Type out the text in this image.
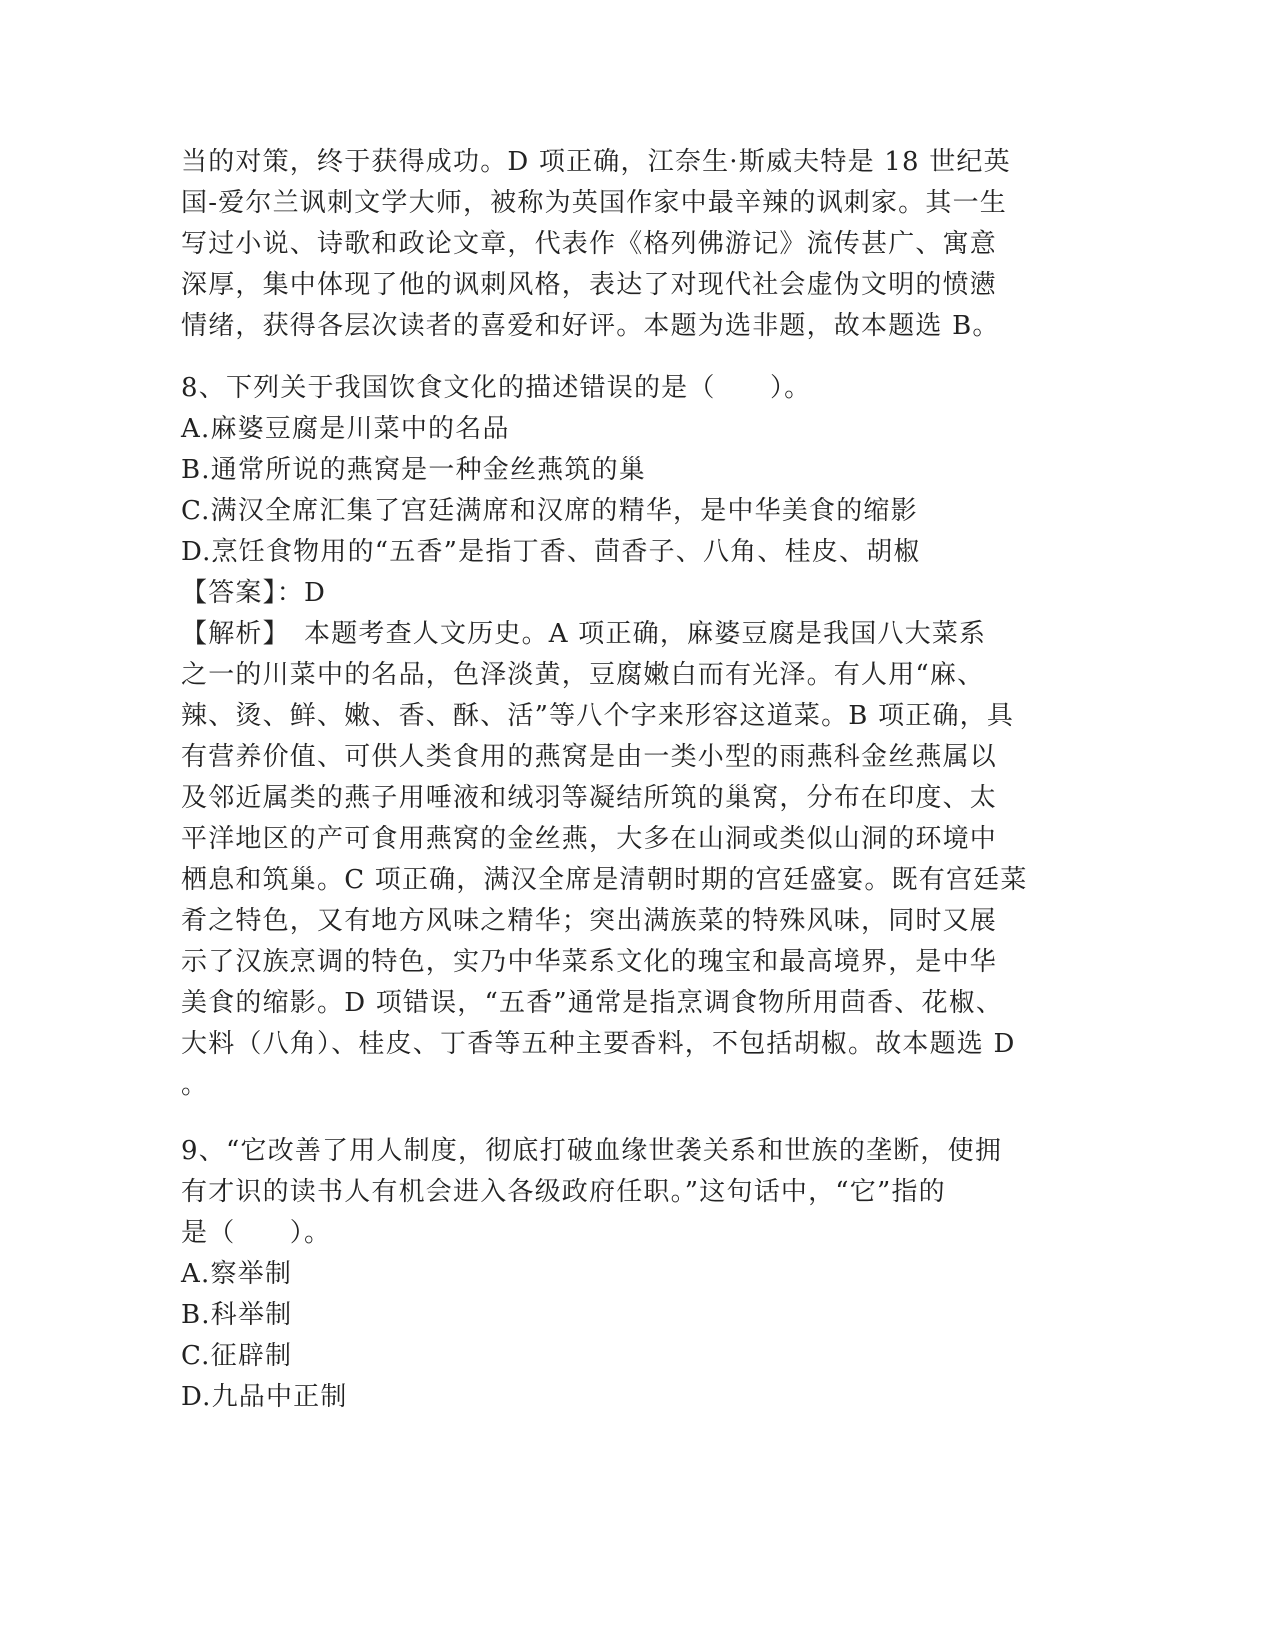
当的对策，终于获得成功。D 项正确，江奈生·斯威夫特是 18 世纪英
国-爱尔兰讽刺文学大师，被称为英国作家中最辛辣的讽刺家。其一生
写过小说、诗歌和政论文章，代表作《格列佛游记》流传甚广、寓意
深厚，集中体现了他的讽刺风格，表达了对现代社会虚伪文明的愤懑
情绪，获得各层次读者的喜爱和好评。本题为选非题，故本题选 B。
8、下列关于我国饮食文化的描述错误的是（　　）。
A.麻婆豆腐是川菜中的名品
B.通常所说的燕窝是一种金丝燕筑的巢
C.满汉全席汇集了宫廷满席和汉席的精华，是中华美食的缩影
D.烹饪食物用的“五香”是指丁香、茴香子、八角、桂皮、胡椒
【答案】：D
【解析】　本题考查人文历史。A 项正确，麻婆豆腐是我国八大菜系
之一的川菜中的名品，色泽淡黄，豆腐嫩白而有光泽。有人用“麻、
辣、烫、鲜、嫩、香、酥、活”等八个字来形容这道菜。B 项正确，具
有营养价值、可供人类食用的燕窝是由一类小型的雨燕科金丝燕属以
及邻近属类的燕子用唾液和绒羽等凝结所筑的巢窝，分布在印度、太
平洋地区的产可食用燕窝的金丝燕，大多在山洞或类似山洞的环境中
栖息和筑巢。C 项正确，满汉全席是清朝时期的宫廷盛宴。既有宫廷菜
肴之特色，又有地方风味之精华；突出满族菜的特殊风味，同时又展
示了汉族烹调的特色，实乃中华菜系文化的瑰宝和最高境界，是中华
美食的缩影。D 项错误，“五香”通常是指烹调食物所用茴香、花椒、
大料（八角）、桂皮、丁香等五种主要香料，不包括胡椒。故本题选 D
。
9、“它改善了用人制度，彻底打破血缘世袭关系和世族的垄断，使拥
有才识的读书人有机会进入各级政府任职。”这句话中，“它”指的
是（　　）。
A.察举制
B.科举制
C.征辟制
D.九品中正制
